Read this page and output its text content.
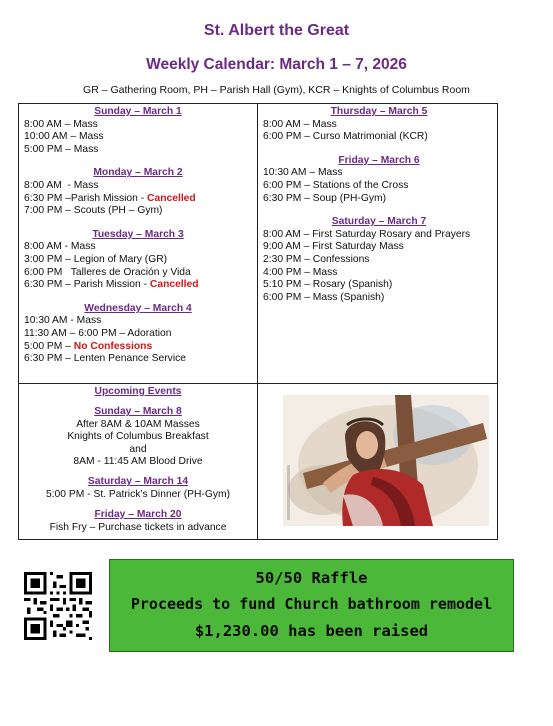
St. Albert the Great
Weekly Calendar: March 1 – 7, 2026
GR – Gathering Room, PH – Parish Hall (Gym), KCR – Knights of Columbus Room
Sunday – March 1
8:00 AM – Mass
10:00 AM – Mass
5:00 PM – Mass
Monday – March 2
8:00 AM  - Mass
6:30 PM –Parish Mission - Cancelled
7:00 PM – Scouts (PH – Gym)
Tuesday – March 3
8:00 AM - Mass
3:00 PM – Legion of Mary (GR)
6:00 PM   Talleres de Oración y Vida
6:30 PM – Parish Mission - Cancelled
Wednesday – March 4
10:30 AM - Mass
11:30 AM – 6:00 PM – Adoration
5:00 PM – No Confessions
6:30 PM – Lenten Penance Service
Thursday – March 5
8:00 AM – Mass
6:00 PM – Curso Matrimonial (KCR)
Friday – March 6
10:30 AM – Mass
6:00 PM – Stations of the Cross
6:30 PM – Soup (PH-Gym)
Saturday – March 7
8:00 AM – First Saturday Rosary and Prayers
9:00 AM – First Saturday Mass
2:30 PM – Confessions
4:00 PM – Mass
5:10 PM – Rosary (Spanish)
6:00 PM – Mass (Spanish)
Upcoming Events
Sunday – March 8
After 8AM & 10AM Masses
Knights of Columbus Breakfast
and
8AM - 11:45 AM Blood Drive
Saturday – March 14
5:00 PM - St. Patrick’s Dinner (PH-Gym)
Friday – March 20
Fish Fry – Purchase tickets in advance
50/50 Raffle
Proceeds to fund Church bathroom remodel
$1,230.00 has been raised
